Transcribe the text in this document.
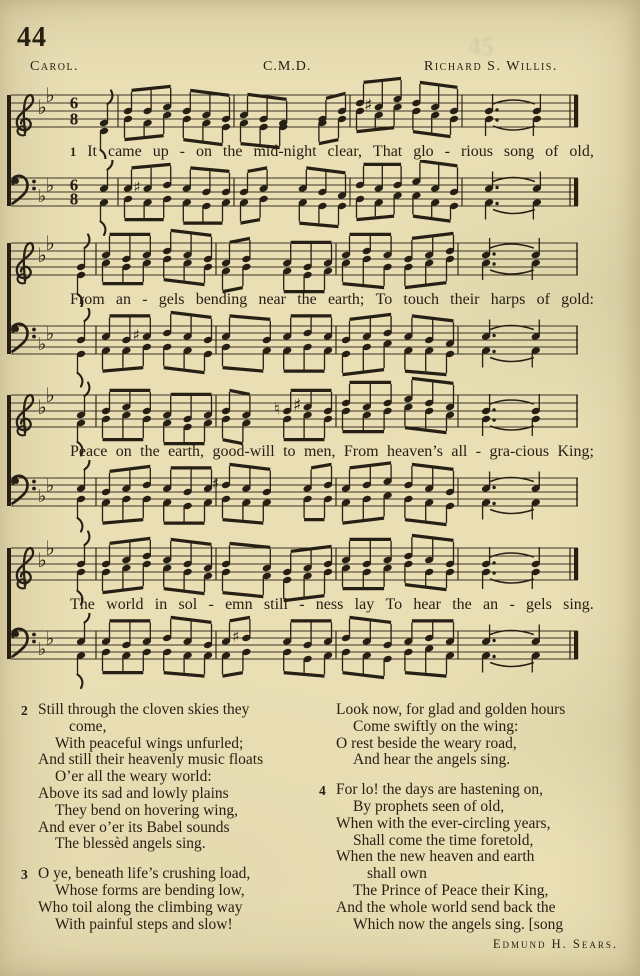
44	45
Carol.	C.M.D.	Richard S. Willis.
♭
♭ 6
8
♯
1 It came up - on the mid-night clear, That glo - rious song of old,
♭ ♭ 6
8
♯
♭
♭
From an - gels bending near the earth; To touch their harps of gold:
♭ ♭	♯
♭
♭
♮ ♯
Peace on the earth, good-will to men, From heaven’s all - gra-cious King;
♭ ♭	♯
♭
♭
The world in sol - emn still - ness lay To hear the an - gels sing.
♭ ♭	♯
Still through the cloven skies they
2
come,
With peaceful wings unfurled;
And still their heavenly music floats
O’er all the weary world:
Above its sad and lowly plains
They bend on hovering wing,
And ever o’er its Babel sounds
The blessèd angels sing.
O ye, beneath life’s crushing load,
3
Whose forms are bending low,
Who toil along the climbing way
With painful steps and slow!
Look now, for glad and golden hours
Come swiftly on the wing:
O rest beside the weary road,
And hear the angels sing.
For lo! the days are hastening on,
4
By prophets seen of old,
When with the ever-circling years,
Shall come the time foretold,
When the new heaven and earth
shall own
The Prince of Peace their King,
And the whole world send back the
Which now the angels sing. [song
Edmund H. Sears.
